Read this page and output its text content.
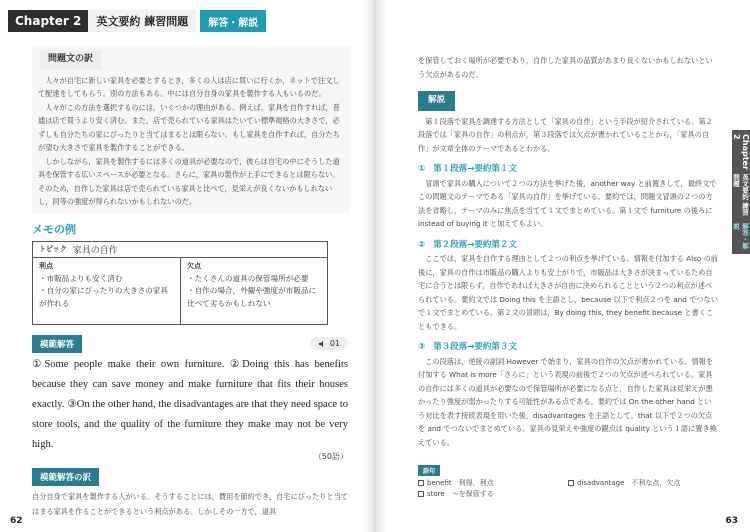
Chapter 2	英文要約 練習問題	解答・解説
問題文の訳

人々が自宅に新しい家具を必要とするとき，多くの人は店に買いに行くか，ネットで注文して配達をしてもらう。別の方法もある。中には自分自身の家具を製作する人もいるのだ。

人々がこの方法を選択するのには，いくつかの理由がある。例えば，家具を自作すれば，普通は店で買うより安く済む。また，店で売られている家具はたいてい標準規格の大きさで，必ずしも自分たちの家にぴったりと当てはまるとは限らない。もし家具を自作すれば，自分たちが望む大きさで家具を製作することができる。

しかしながら，家具を製作するには多くの道具が必要なので，彼らは自宅の中にそうした道具を保管する広いスペースが必要となる。さらに，家具の製作が上手にできるとは限らない。そのため，自作した家具は店で売られている家具と比べて，見栄えが良くないかもしれないし，同等の強度が得られないかもしれないのだ。

メモの例
トピック 家具の自作
利点
・市販品よりも安く済む
・自分の家にぴったりの大きさの家具が作れる
欠点
・たくさんの道具の保管場所が必要
・自作の場合，外観や強度が市販品に比べて劣るかもしれない
模範解答	01
①Some people make their own furniture. ②Doing this has benefits because they can save money and make furniture that fits their houses exactly. ③On the other hand, the disadvantages are that they need space to store tools, and the quality of the furniture they make may not be very high.
（50語）
模範解答の訳
自分自身で家具を製作する人がいる。そうすることには，費用を節約でき，自宅にぴったりと当てはまる家具を作ることができるという利点がある。しかしその一方で，道具
を保管しておく場所が必要であり，自作した家具の品質があまり良くないかもしれないという欠点があるのだ。
解説

第１段落で家具を調達する方法として「家具の自作」という手段が紹介されている。第２段落では「家具の自作」の利点が，第３段落では欠点が書かれていることから，「家具の自作」が文章全体のテーマであるとわかる。

① 第１段落→要約第１文

冒頭で家具の購入について２つの方法を挙げた後，another way と前置きして，最終文でこの問題文のテーマである「家具の自作」を挙げている。要約では，問題文冒頭の２つの方法を省略し，テーマのみに焦点を当てて１文でまとめている。第１文で furniture の後ろに instead of buying it と加えてもよい。

② 第２段落→要約第２文

ここでは，家具を自作する理由として２つの利点を挙げている。情報を付加する Also の前後に，家具の自作は市販品の購入よりも安上がりで，市販品は大きさが決まっているため自宅に合うとは限らず，自作であれば大きさが自由に決められることという２つの利点が述べられている。要約文では Doing this を主語とし，because 以下で利点２つを and でつないで１文でまとめている。第２文の冒頭は，By doing this, they benefit because と書くこともできる。

③ 第３段落→要約第３文

この段落は，逆接の副詞 However で始まり，家具の自作の欠点が書かれている。情報を付加する What is more「さらに」という表現の前後で２つの欠点が述べられている。家具の自作には多くの道具が必要なので保管場所が必要になる点と，自作した家具は見栄えが悪かったり強度が弱かったりする可能性がある点である。要約では On the other hand という対比を表す接続表現を用いた後，disadvantages を主語として，that 以下で２つの欠点を and でつないでまとめている。家具の見栄えや強度の観点は quality という１語に置き換えている。

語句
benefit　利得，利点	disadvantage　不利な点，欠点
store　～を保管する
Chapter 2
英文要約 練習問題
解答・解説
62	63
